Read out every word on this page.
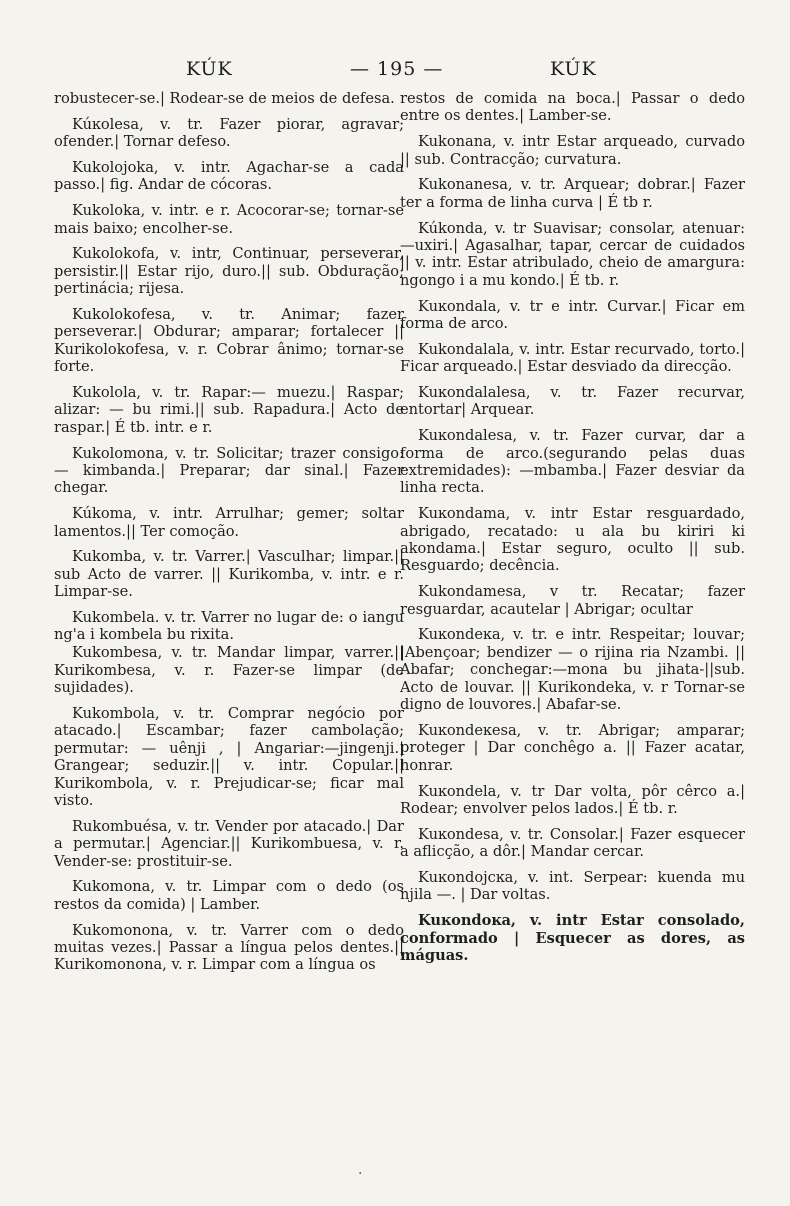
KÚK	— 195 —	KÚK

robustecer-se.| Rodear-se de meios de defesa.

Kúĸolesa, v. tr. Fazer piorar, agravar; ofender.| Tornar defeso.

Kukolojoka, v. intr. Agachar-se a cada passo.| fig. Andar de cócoras.

Kukoloka, v. intr. e r. Acocorar-se; tornar-se mais baixo; encolher-se.

Kukolokofa, v. intr, Continuar, perseverar, persistir.|| Estar rijo, duro.|| sub. Obduração; pertinácia; rijesa.

Kukolokofesa, v. tr. Animar; fazer perseverar.| Obdurar; amparar; fortalecer || Kurikolokofesa, v. r. Cobrar ânimo; tornar-se forte.

Kukolola, v. tr. Rapar:— muezu.| Raspar; alizar: — bu rimi.|| sub. Rapadura.| Acto de raspar.| É tb. intr. e r.

Kukolomona, v. tr. Solicitar; trazer consigo:— kimbanda.| Preparar; dar sinal.| Fazer chegar.

Kúkoma, v. intr. Arrulhar; gemer; soltar lamentos.|| Ter comoção.

Kukomba, v. tr. Varrer.| Vasculhar; limpar.|| sub Acto de varrer. || Kurikomba, v. intr. e r. Limpar-se.

Kukombela. v. tr. Varrer no lugar de: o iangu ng'a i kombela bu rixita.

Kukombesa, v. tr. Mandar limpar, varrer.|| Kurikombesa, v. r. Fazer-se limpar (de sujidades).

Kukombola, v. tr. Comprar negócio por atacado.| Escambar; fazer cambolação; permutar: — uênji , | Angariar:—jingenji.| Grangear; seduzir.|| v. intr. Copular.|| Kurikombola, v. r. Prejudicar-se; ficar mal visto.

Rukombuésa, v. tr. Vender por atacado.| Dar a permutar.| Agenciar.|| Kurikombuesa, v. r. Vender-se: prostituir-se.

Kukomona, v. tr. Limpar com o dedo (os restos da comida) | Lamber.

Kukomonona, v. tr. Varrer com o dedo muitas vezes.| Passar a língua pelos dentes.|| Kurikomonona, v. r. Limpar com a língua os

restos de comida na boca.| Passar o dedo entre os dentes.| Lamber-se.

Kukonana, v. intr Estar arqueado, curvado || sub. Contracção; curvatura.

Kukonanesa, v. tr. Arquear; dobrar.| Fazer ter a forma de linha curva | É tb r.

Kúkonda, v. tr Suavisar; consolar, atenuar:—uxiri.| Agasalhar, tapar, cercar de cuidados || v. intr. Estar atribulado, cheio de amargura: ngongo i a mu kondo.| É tb. r.

Kuĸondala, v. tr e intr. Curvar.| Ficar em forma de arco.

Kukondalala, v. intr. Estar recurvado, torto.| Ficar arqueado.| Estar desviado da direcção.

Kuĸondalalesa, v. tr. Fazer recurvar, entortar| Arquear.

Kuĸondalesa, v. tr. Fazer curvar, dar a forma de arco.(segurando pelas duas extremidades): —mbamba.| Fazer desviar da linha recta.

Kuĸondama, v. intr Estar resguardado, abrigado, recatado: u ala bu kiriri ki akondama.| Estar seguro, oculto || sub. Resguardo; decência.

Kukondamesa, v tr. Recatar; fazer resguardar, acautelar | Abrigar; ocultar

Kuĸondeĸa, v. tr. e intr. Respeitar; louvar; |Abençoar; bendizer — o rijina ria Nzambi. || Abafar; conchegar:—mona bu jihata-||sub. Acto de louvar. || Kurikondeka, v. r Tornar-se digno de louvores.| Abafar-se.

Kuĸondeĸesa, v. tr. Abrigar; amparar; proteger | Dar conchêgo a. || Fazer acatar, honrar.

Kuĸondela, v. tr Dar volta, pôr cêrco a.| Rodear; envolver pelos lados.| É tb. r.

Kuĸondesa, v. tr. Consolar.| Fazer esquecer a aflicção, a dôr.| Mandar cercar.

Kuĸondojcĸa, v. int. Serpear: kuenda mu njila —. | Dar voltas.

Kuĸondoĸa, v. intr Estar consolado, conformado | Esquecer as dores, as máguas.

·
